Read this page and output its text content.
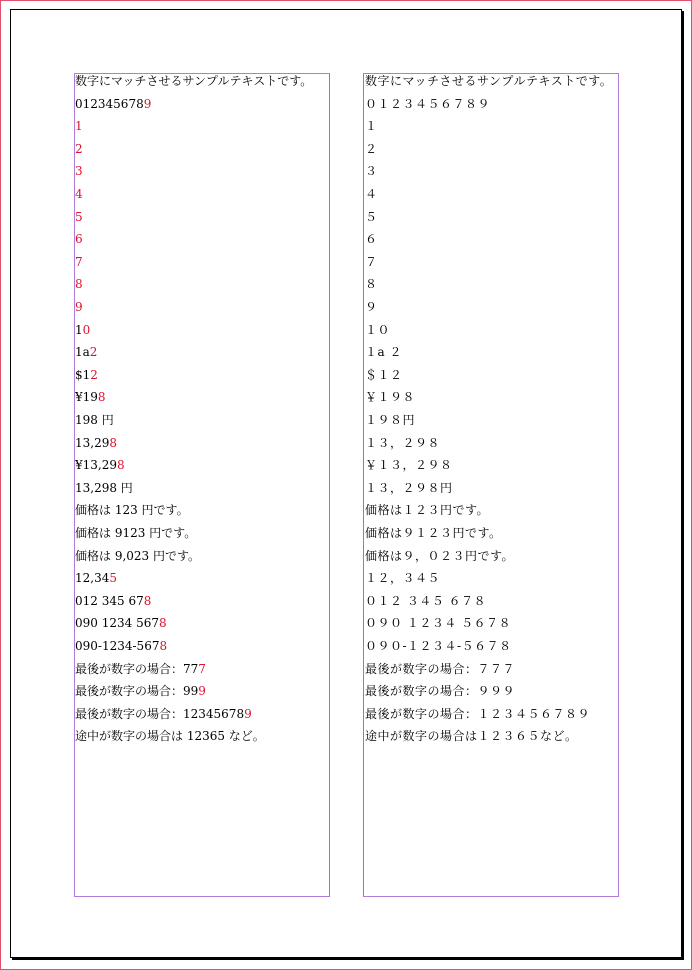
数字にマッチさせるサンプルテキストです。
0123456789
1
2
3
4
5
6
7
8
9
10
1a2
$12
¥198
198 円
13,298
¥13,298
13,298 円
価格は 123 円です。
価格は 9123 円です。
価格は 9,023 円です。
12,345
012 345 678
090 1234 5678
090-1234-5678
最後が数字の場合：777
最後が数字の場合：999
最後が数字の場合：123456789
途中が数字の場合は 12365 など。
数字にマッチさせるサンプルテキストです。
０１２３４５６７８９
１
２
３
４
５
６
７
８
９
１０
１a ２
＄１２
￥１９８
１９８円
１３，２９８
￥１３，２９８
１３，２９８円
価格は１２３円です。
価格は９１２３円です。
価格は９，０２３円です。
１２，３４５
０１２ ３４５ ６７８
０９０ １２３４ ５６７８
０９０-１２３４-５６７８
最後が数字の場合：７７７
最後が数字の場合：９９９
最後が数字の場合：１２３４５６７８９
途中が数字の場合は１２３６５など。
